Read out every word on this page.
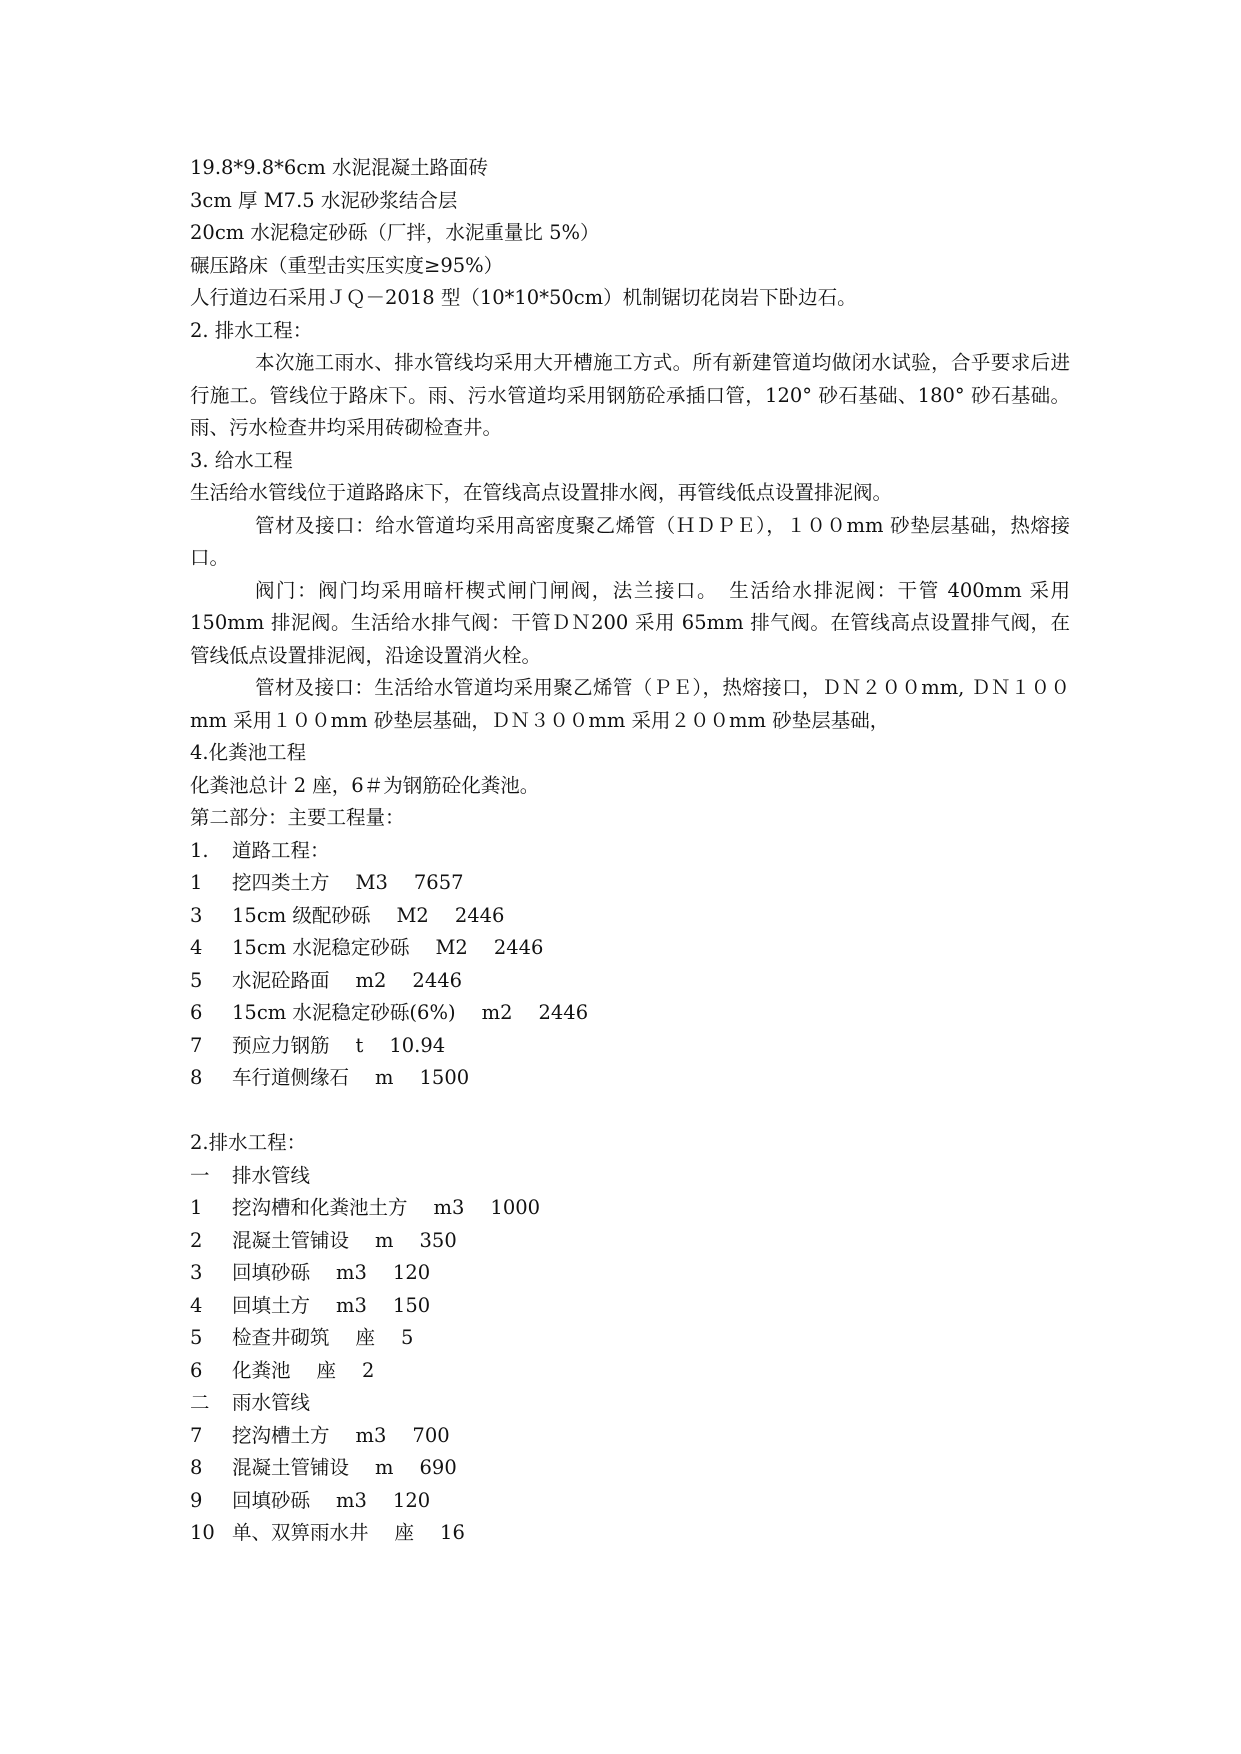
19.8*9.8*6cm 水泥混凝土路面砖
3cm 厚 M7.5 水泥砂浆结合层
20cm 水泥稳定砂砾（厂拌，水泥重量比 5%）
碾压路床（重型击实压实度≥95%）
人行道边石采用ＪＱ－2018 型（10*10*50cm）机制锯切花岗岩下卧边石。
2. 排水工程：
本次施工雨水、排水管线均采用大开槽施工方式。所有新建管道均做闭水试验，合乎要求后进行施工。管线位于路床下。雨、污水管道均采用钢筋砼承插口管，120° 砂石基础、180° 砂石基础。雨、污水检查井均采用砖砌检查井。
3. 给水工程
生活给水管线位于道路路床下，在管线高点设置排水阀，再管线低点设置排泥阀。
管材及接口：给水管道均采用高密度聚乙烯管（ＨＤＰＥ），１００mm 砂垫层基础，热熔接口。
阀门：阀门均采用暗杆楔式闸门闸阀，法兰接口。　生活给水排泥阀：干管 400mm 采用 150mm 排泥阀。生活给水排气阀：干管ＤＮ200 采用 65mm 排气阀。在管线高点设置排气阀，在管线低点设置排泥阀，沿途设置消火栓。
管材及接口：生活给水管道均采用聚乙烯管（ＰＥ），热熔接口，ＤＮ２００mm, ＤＮ１００mm 采用１００mm 砂垫层基础，ＤＮ３００mm 采用２００mm 砂垫层基础，
4.化粪池工程
化粪池总计 2 座，6＃为钢筋砼化粪池。
第二部分：主要工程量：
1.	道路工程：
1	挖四类土方	M3	7657
3	15cm 级配砂砾	M2	2446
4	15cm 水泥稳定砂砾	M2	2446
5	水泥砼路面	m2	2446
6	15cm 水泥稳定砂砾(6%)	m2	2446
7	预应力钢筋	t	10.94
8	车行道侧缘石	m	1500
2.排水工程：
一	排水管线
1	挖沟槽和化粪池土方	m3	1000
2	混凝土管铺设	m	350
3	回填砂砾	m3	120
4	回填土方	m3	150
5	检查井砌筑	座	5
6	化粪池	座	2
二	雨水管线
7	挖沟槽土方	m3	700
8	混凝土管铺设	m	690
9	回填砂砾	m3	120
10 单、双箅雨水井	座	16
